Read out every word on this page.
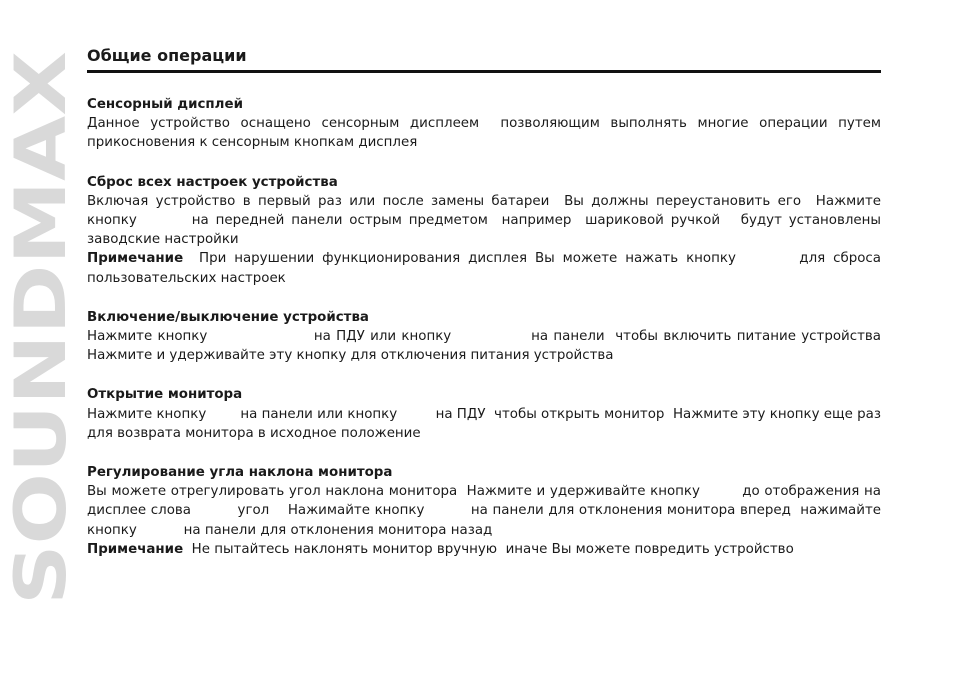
SOUNDMAX
Общие операции
Сенсорный дисплей
Данное устройство оснащено сенсорным дисплеем  позволяющим выполнять многие операции путем прикосновения к сенсорным кнопкам дисплея
Сброс всех настроек устройства
Включая устройство в первый раз или после замены батареи  Вы должны переустановить его  Нажмите кнопку        на передней панели острым предметом  например  шариковой ручкой   будут установлены заводские настройки
Примечание  При нарушении функционирования дисплея Вы можете нажать кнопку        для сброса пользовательских настроек
Включение/выключение устройства
Нажмите кнопку                    на ПДУ или кнопку               на панели  чтобы включить питание устройства  Нажмите и удерживайте эту кнопку для отключения питания устройства
Открытие монитора
Нажмите кнопку        на панели или кнопку         на ПДУ  чтобы открыть монитор  Нажмите эту кнопку еще раз для возврата монитора в исходное положение
Регулирование угла наклона монитора
Вы можете отрегулировать угол наклона монитора  Нажмите и удерживайте кнопку         до отображения на дисплее слова          угол    Нажимайте кнопку          на панели для отклонения монитора вперед  нажимайте кнопку           на панели для отклонения монитора назад
Примечание  Не пытайтесь наклонять монитор вручную  иначе Вы можете повредить устройство
